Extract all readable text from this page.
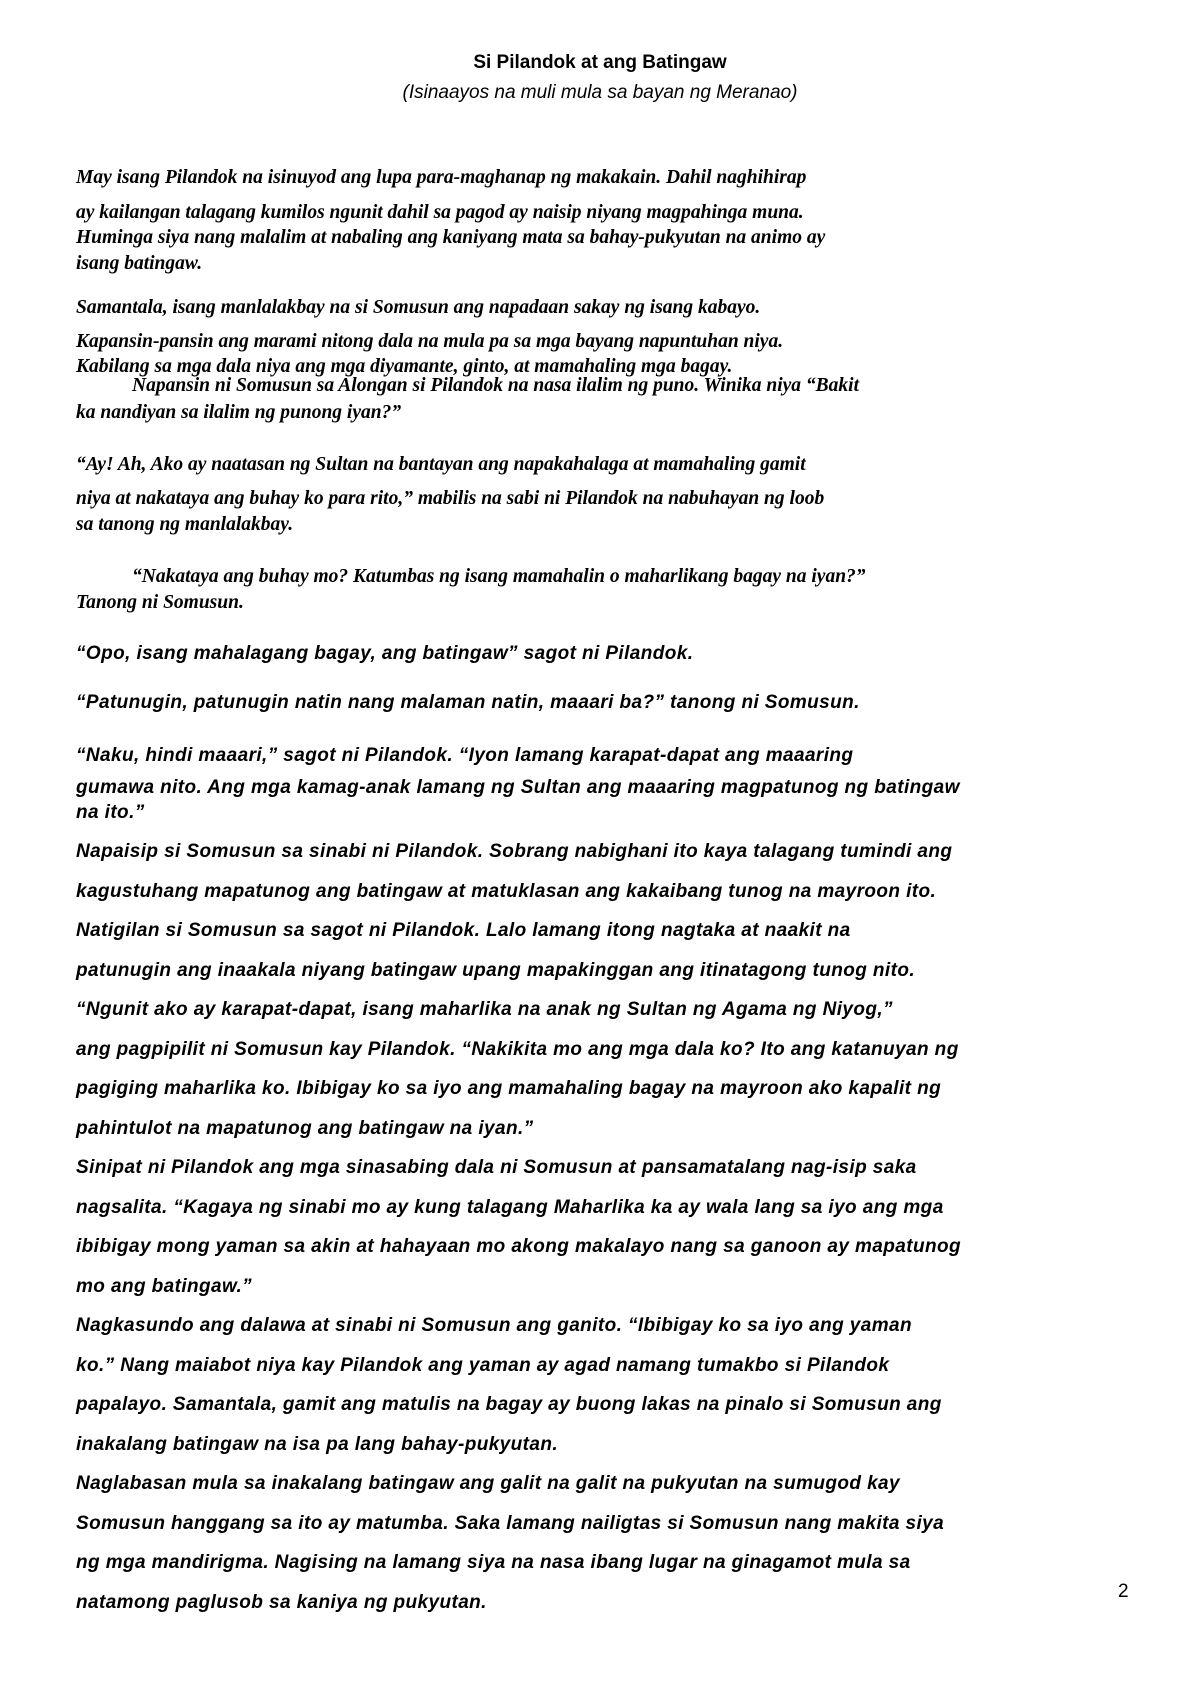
Si Pilandok at ang Batingaw
(Isinaayos na muli mula sa bayan ng Meranao)
May isang Pilandok na isinuyod ang lupa para-maghanap ng makakain. Dahil naghihirap
ay kailangan talagang kumilos ngunit dahil sa pagod ay naisip niyang magpahinga muna.
Huminga siya nang malalim at nabaling ang kaniyang mata sa bahay-pukyutan na animo ay
isang batingaw.
Samantala, isang manlalakbay na si Somusun ang napadaan sakay ng isang kabayo.
Kapansin-pansin ang marami nitong dala na mula pa sa mga bayang napuntuhan niya.
Kabilang sa mga dala niya ang mga diyamante, ginto, at mamahaling mga bagay.
Napansin ni Somusun sa Alongan si Pilandok na nasa ilalim ng puno. Winika niya “Bakit
ka nandiyan sa ilalim ng punong iyan?”
“Ay! Ah, Ako ay naatasan ng Sultan na bantayan ang napakahalaga at mamahaling gamit
niya at nakataya ang buhay ko para rito,” mabilis na sabi ni Pilandok na nabuhayan ng loob
sa tanong ng manlalakbay.
“Nakataya ang buhay mo? Katumbas ng isang mamahalin o maharlikang bagay na iyan?”
Tanong ni Somusun.
“Opo, isang mahalagang bagay, ang batingaw” sagot ni Pilandok.
“Patunugin, patunugin natin nang malaman natin, maaari ba?” tanong ni Somusun.
“Naku, hindi maaari,” sagot ni Pilandok. “Iyon lamang karapat-dapat ang maaaring
gumawa nito. Ang mga kamag-anak lamang ng Sultan ang maaaring magpatunog ng batingaw
na ito.”
Napaisip si Somusun sa sinabi ni Pilandok. Sobrang nabighani ito kaya talagang tumindi ang
kagustuhang mapatunog ang batingaw at matuklasan ang kakaibang tunog na mayroon ito.
Natigilan si Somusun sa sagot ni Pilandok. Lalo lamang itong nagtaka at naakit na
patunugin ang inaakala niyang batingaw upang mapakinggan ang itinatagong tunog nito.
“Ngunit ako ay karapat-dapat, isang maharlika na anak ng Sultan ng Agama ng Niyog,”
ang pagpipilit ni Somusun kay Pilandok. “Nakikita mo ang mga dala ko? Ito ang katanuyan ng
pagiging maharlika ko. Ibibigay ko sa iyo ang mamahaling bagay na mayroon ako kapalit ng
pahintulot na mapatunog ang batingaw na iyan.”
Sinipat ni Pilandok ang mga sinasabing dala ni Somusun at pansamatalang nag-isip saka
nagsalita. “Kagaya ng sinabi mo ay kung talagang Maharlika ka ay wala lang sa iyo ang mga
ibibigay mong yaman sa akin at hahayaan mo akong makalayo nang sa ganoon ay mapatunog
mo ang batingaw.”
Nagkasundo ang dalawa at sinabi ni Somusun ang ganito. “Ibibigay ko sa iyo ang yaman
ko.” Nang maiabot niya kay Pilandok ang yaman ay agad namang tumakbo si Pilandok
papalayo. Samantala, gamit ang matulis na bagay ay buong lakas na pinalo si Somusun ang
inakalang batingaw na isa pa lang bahay-pukyutan.
Naglabasan mula sa inakalang batingaw ang galit na galit na pukyutan na sumugod kay
Somusun hanggang sa ito ay matumba. Saka lamang nailigtas si Somusun nang makita siya
ng mga mandirigma. Nagising na lamang siya na nasa ibang lugar na ginagamot mula sa
natamong paglusob sa kaniya ng pukyutan.
2
